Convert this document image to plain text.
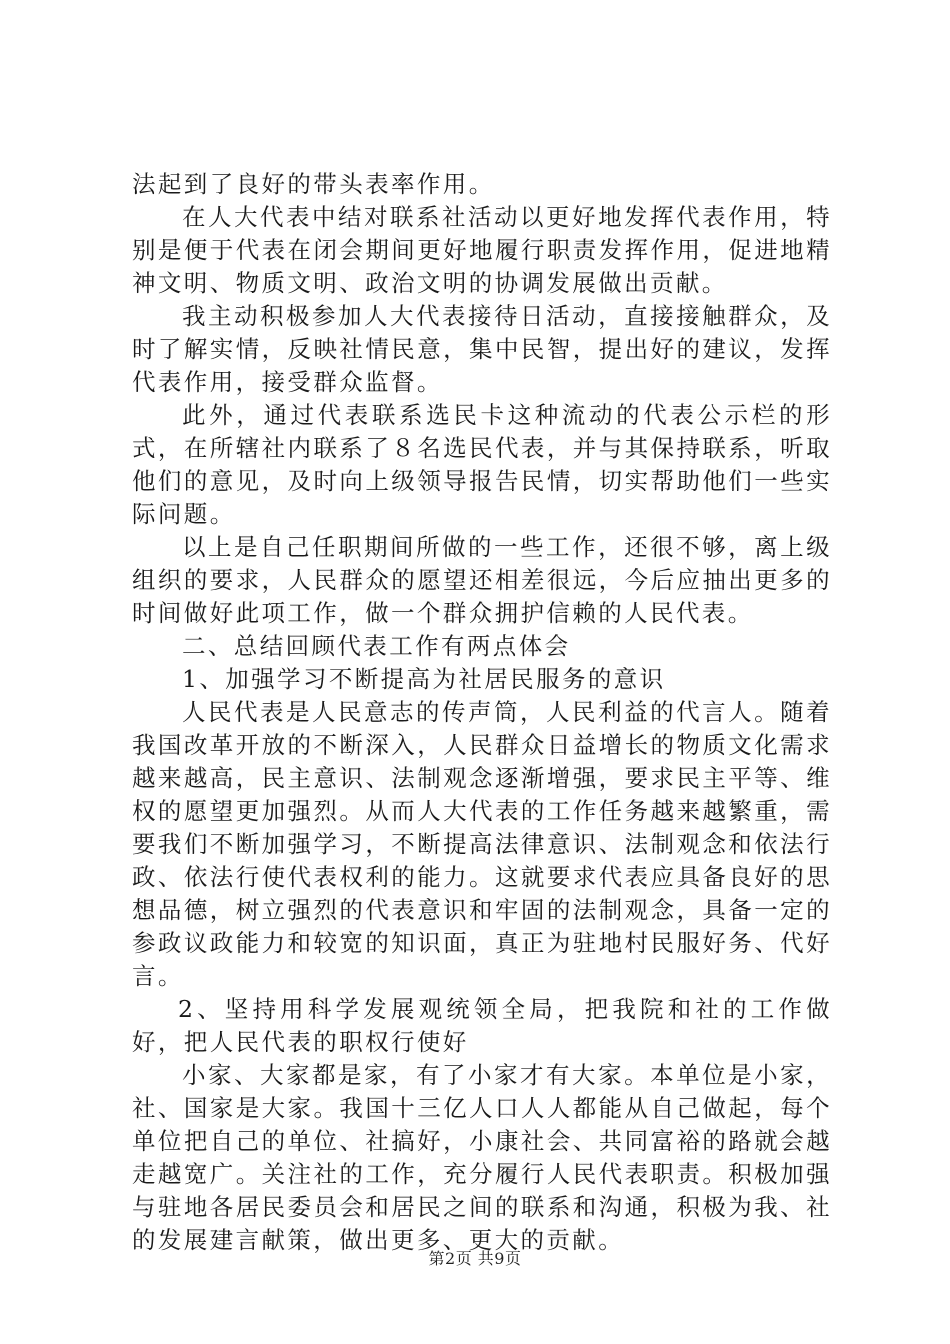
法起到了良好的带头表率作用。

在人大代表中结对联系社活动以更好地发挥代表作用，特别是便于代表在闭会期间更好地履行职责发挥作用，促进地精神文明、物质文明、政治文明的协调发展做出贡献。

我主动积极参加人大代表接待日活动，直接接触群众，及时了解实情，反映社情民意，集中民智，提出好的建议，发挥代表作用，接受群众监督。

此外，通过代表联系选民卡这种流动的代表公示栏的形式，在所辖社内联系了８名选民代表，并与其保持联系，听取他们的意见，及时向上级领导报告民情，切实帮助他们一些实际问题。

以上是自己任职期间所做的一些工作，还很不够，离上级组织的要求，人民群众的愿望还相差很远，今后应抽出更多的时间做好此项工作，做一个群众拥护信赖的人民代表。

二、总结回顾代表工作有两点体会

1、加强学习不断提高为社居民服务的意识

人民代表是人民意志的传声筒，人民利益的代言人。随着我国改革开放的不断深入，人民群众日益增长的物质文化需求越来越高，民主意识、法制观念逐渐增强，要求民主平等、维权的愿望更加强烈。从而人大代表的工作任务越来越繁重，需要我们不断加强学习，不断提高法律意识、法制观念和依法行政、依法行使代表权利的能力。这就要求代表应具备良好的思想品德，树立强烈的代表意识和牢固的法制观念，具备一定的参政议政能力和较宽的知识面，真正为驻地村民服好务、代好言。

2、坚持用科学发展观统领全局，把我院和社的工作做好，把人民代表的职权行使好

小家、大家都是家，有了小家才有大家。本单位是小家，社、国家是大家。我国十三亿人口人人都能从自己做起，每个单位把自己的单位、社搞好，小康社会、共同富裕的路就会越走越宽广。关注社的工作，充分履行人民代表职责。积极加强与驻地各居民委员会和居民之间的联系和沟通，积极为我、社的发展建言献策，做出更多、更大的贡献。

第2页 共9页
